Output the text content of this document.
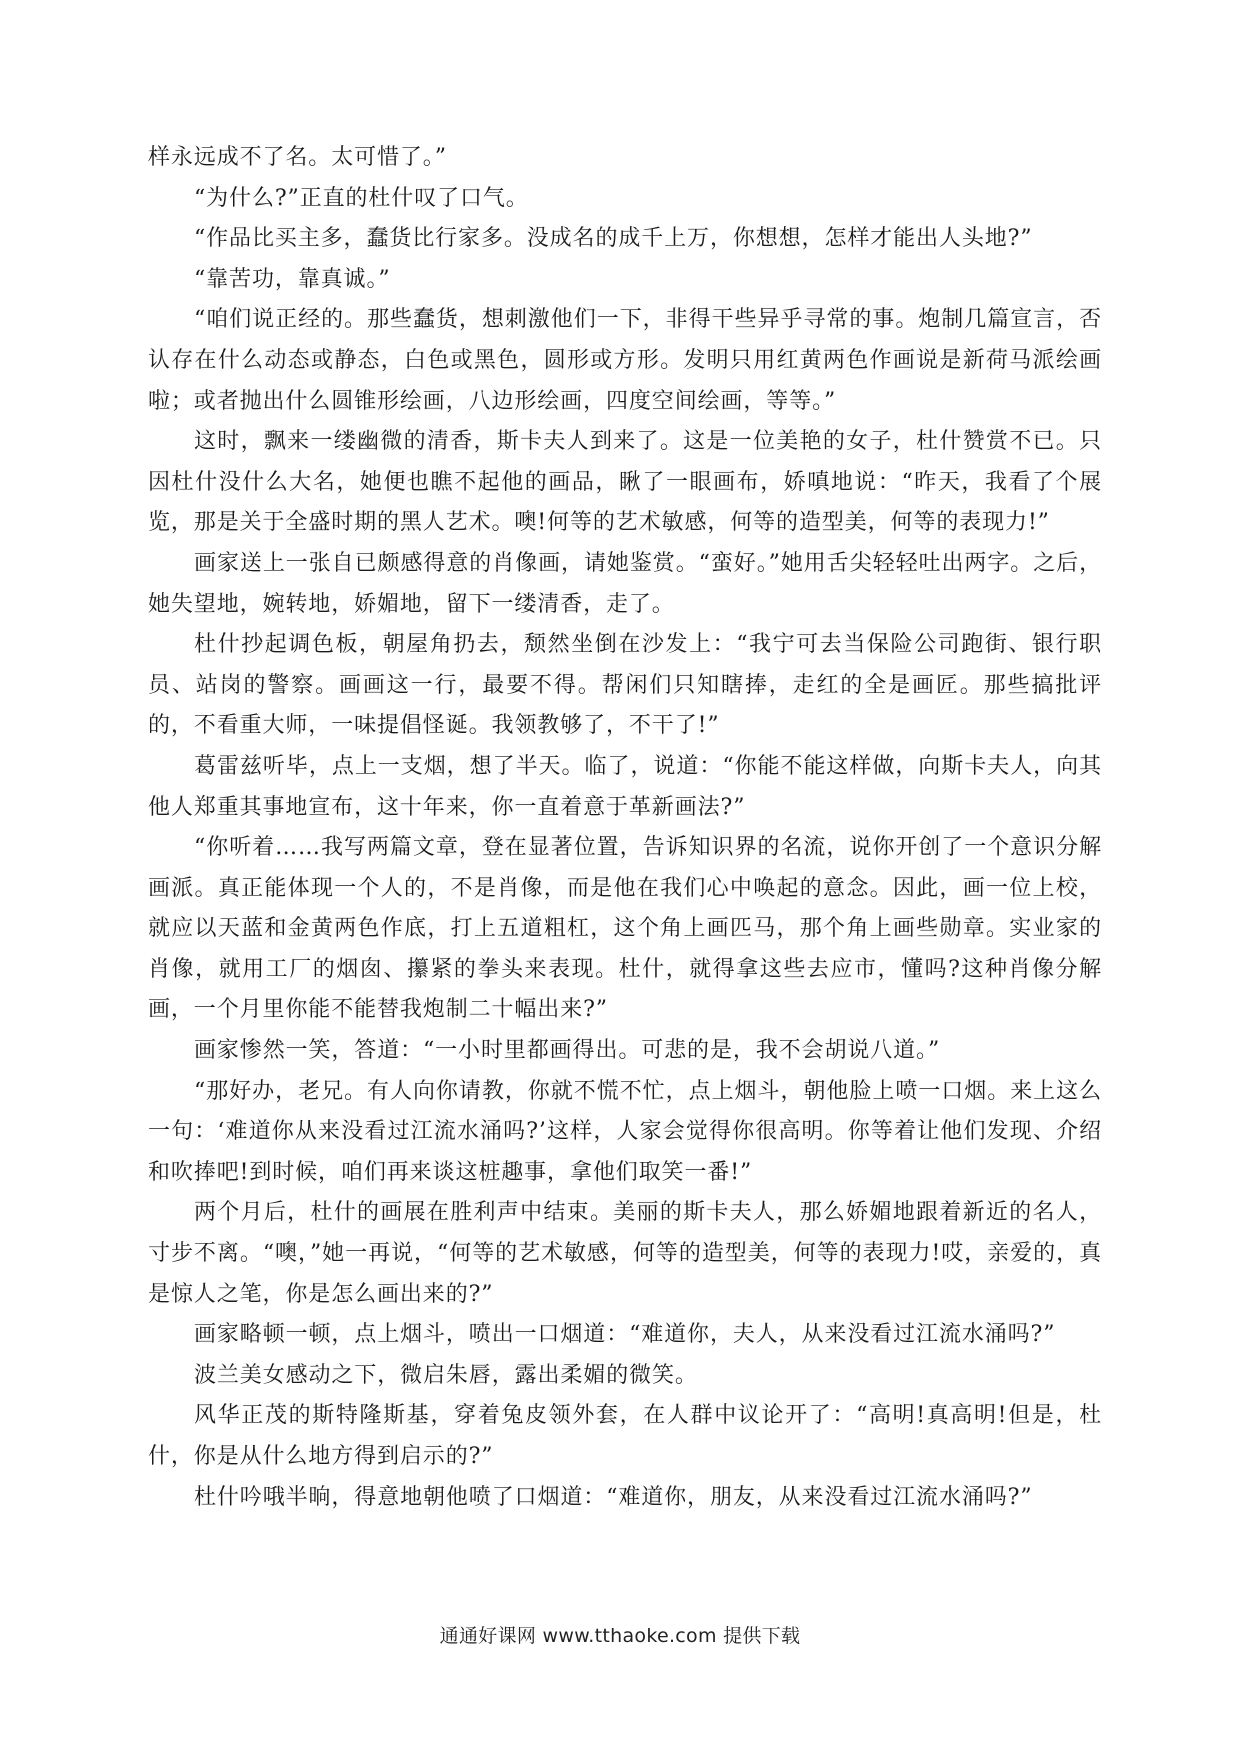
样永远成不了名。太可惜了。”

“为什么?”正直的杜什叹了口气。

“作品比买主多，蠢货比行家多。没成名的成千上万，你想想，怎样才能出人头地?”

“靠苦功，靠真诚。”

“咱们说正经的。那些蠢货，想刺激他们一下，非得干些异乎寻常的事。炮制几篇宣言，否认存在什么动态或静态，白色或黑色，圆形或方形。发明只用红黄两色作画说是新荷马派绘画啦；或者抛出什么圆锥形绘画，八边形绘画，四度空间绘画，等等。”

这时，飘来一缕幽微的清香，斯卡夫人到来了。这是一位美艳的女子，杜什赞赏不已。只因杜什没什么大名，她便也瞧不起他的画品，瞅了一眼画布，娇嗔地说：“昨天，我看了个展览，那是关于全盛时期的黑人艺术。噢!何等的艺术敏感，何等的造型美，何等的表现力!”

画家送上一张自已颇感得意的肖像画，请她鉴赏。“蛮好。”她用舌尖轻轻吐出两字。之后，她失望地，婉转地，娇媚地，留下一缕清香，走了。

杜什抄起调色板，朝屋角扔去，颓然坐倒在沙发上：“我宁可去当保险公司跑街、银行职员、站岗的警察。画画这一行，最要不得。帮闲们只知瞎捧，走红的全是画匠。那些搞批评的，不看重大师，一味提倡怪诞。我领教够了，不干了!”

葛雷兹听毕，点上一支烟，想了半天。临了，说道：“你能不能这样做，向斯卡夫人，向其他人郑重其事地宣布，这十年来，你一直着意于革新画法?”

“你听着……我写两篇文章，登在显著位置，告诉知识界的名流，说你开创了一个意识分解画派。真正能体现一个人的，不是肖像，而是他在我们心中唤起的意念。因此，画一位上校，就应以天蓝和金黄两色作底，打上五道粗杠，这个角上画匹马，那个角上画些勋章。实业家的肖像，就用工厂的烟囱、攥紧的拳头来表现。杜什，就得拿这些去应市，懂吗?这种肖像分解画，一个月里你能不能替我炮制二十幅出来?”

画家惨然一笑，答道：“一小时里都画得出。可悲的是，我不会胡说八道。”

“那好办，老兄。有人向你请教，你就不慌不忙，点上烟斗，朝他脸上喷一口烟。来上这么一句：‘难道你从来没看过江流水涌吗?’这样，人家会觉得你很高明。你等着让他们发现、介绍和吹捧吧!到时候，咱们再来谈这桩趣事，拿他们取笑一番!”

两个月后，杜什的画展在胜利声中结束。美丽的斯卡夫人，那么娇媚地跟着新近的名人，寸步不离。“噢，”她一再说，“何等的艺术敏感，何等的造型美，何等的表现力!哎，亲爱的，真是惊人之笔，你是怎么画出来的?”

画家略顿一顿，点上烟斗，喷出一口烟道：“难道你，夫人，从来没看过江流水涌吗?”

波兰美女感动之下，微启朱唇，露出柔媚的微笑。

风华正茂的斯特隆斯基，穿着兔皮领外套，在人群中议论开了：“高明!真高明!但是，杜什，你是从什么地方得到启示的?”

杜什吟哦半晌，得意地朝他喷了口烟道：“难道你，朋友，从来没看过江流水涌吗?”

通通好课网 www.tthaoke.com 提供下载
